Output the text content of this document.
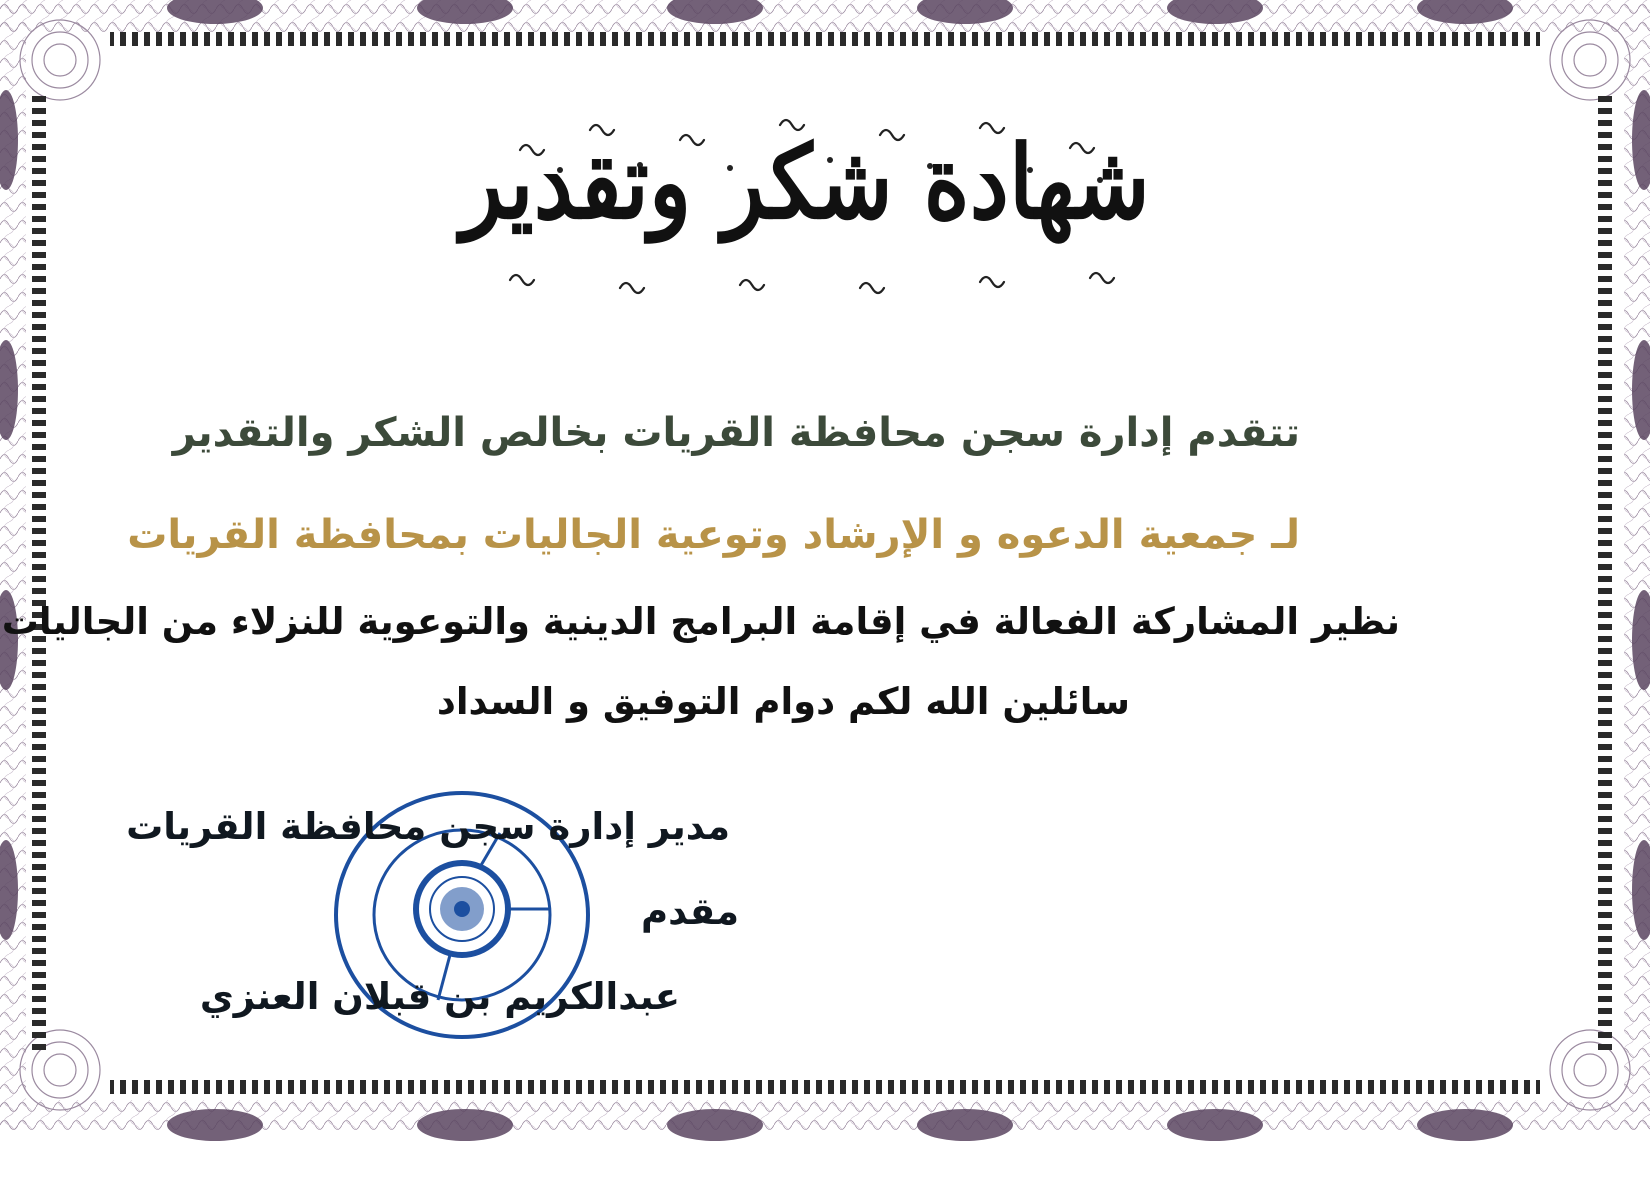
شهادة شكر وتقدير
تتقدم إدارة سجن محافظة القريات بخالص الشكر والتقدير
لـ جمعية الدعوه و الإرشاد وتوعية الجاليات بمحافظة القريات
نظير المشاركة الفعالة في إقامة البرامج الدينية والتوعوية للنزلاء من الجاليات
سائلين الله لكم دوام التوفيق و السداد
مدير إدارة سجن محافظة القريات
مقدم
عبدالكريم بن قبلان العنزي
